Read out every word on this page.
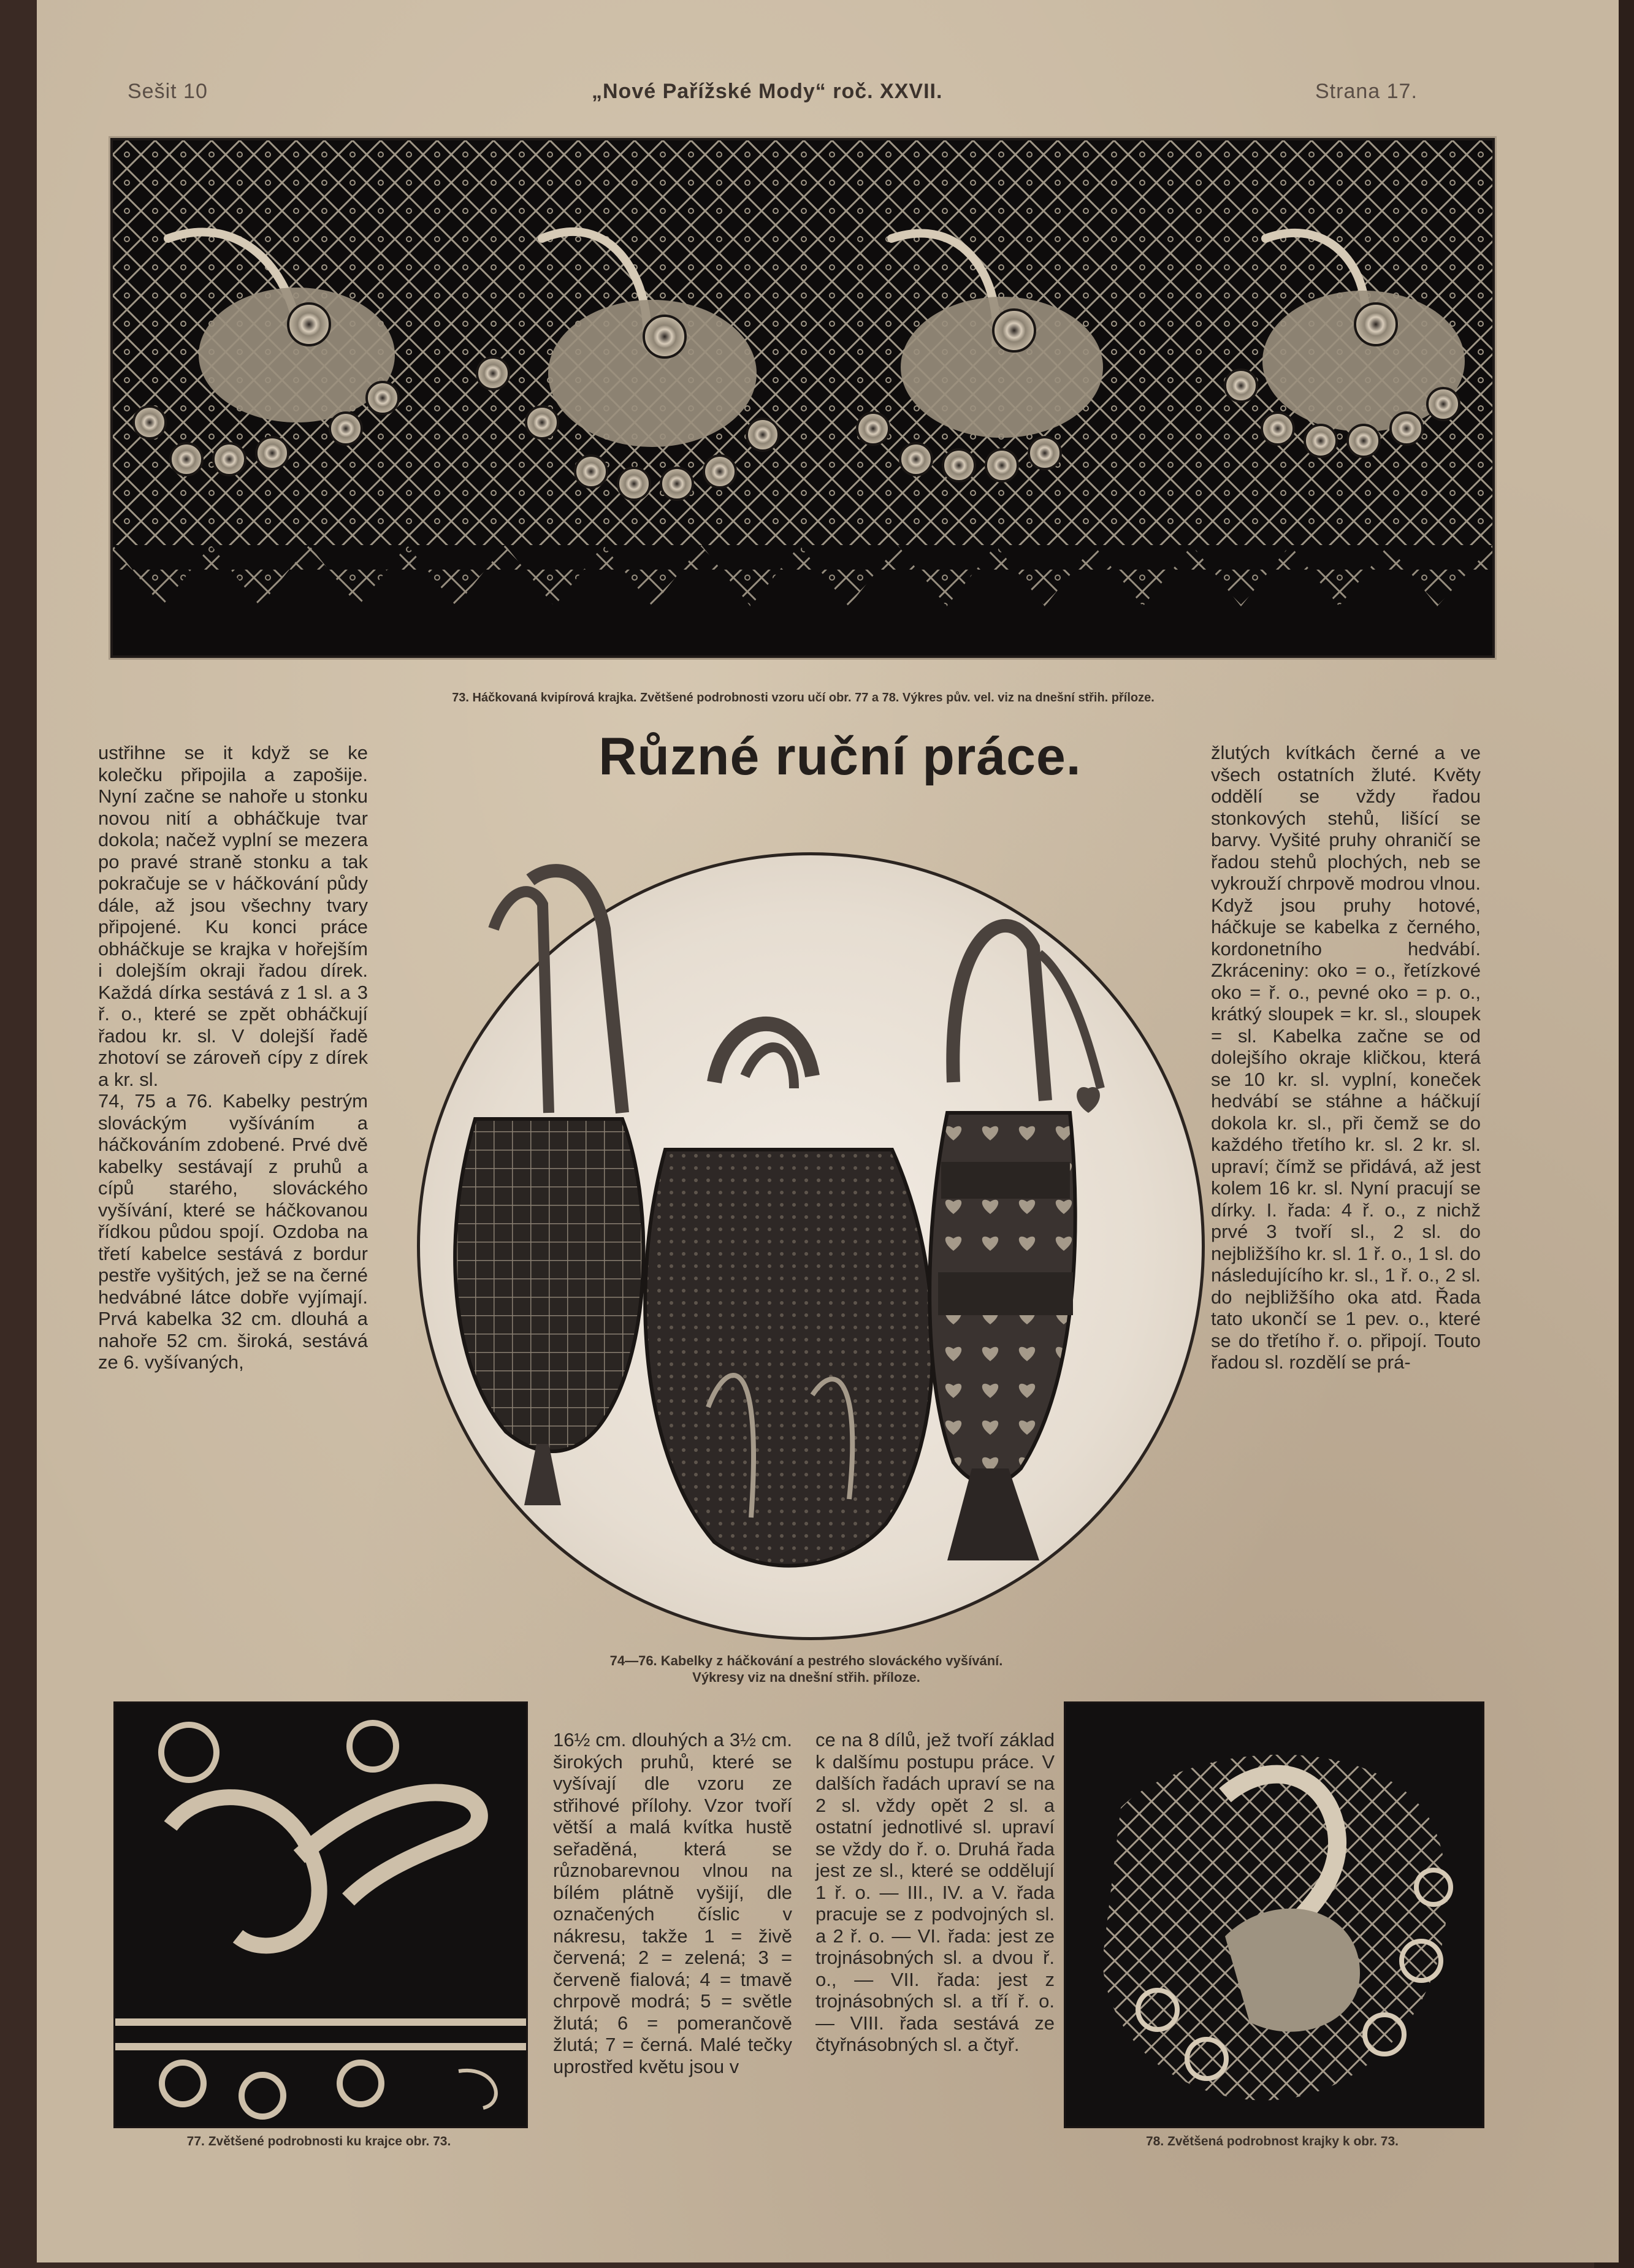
Sešit 10	„Nové Pařížské Mody“ roč. XXVII.	Strana 17.
73. Háčkovaná kvipírová krajka. Zvětšené podrobnosti vzoru učí obr. 77 a 78. Výkres pův. vel. viz na dnešní střih. příloze.
Různé ruční práce.

ustřihne se it když se ke kolečku připojila a zapošije. Nyní začne se nahoře u stonku novou nití a obháčkuje tvar dokola; načež vyplní se mezera po pravé straně stonku a tak pokračuje se v háčkování půdy dále, až jsou všechny tvary připojené. Ku konci práce obháčkuje se krajka v hořejším i dolejším okraji řadou dírek. Každá dírka sestává z 1 sl. a 3 ř. o., které se zpět obháčkují řadou kr. sl. V dolejší řadě zhotoví se zároveň cípy z dírek a kr. sl.

74, 75 a 76. Kabelky pestrým slováckým vyšíváním a háčkováním zdobené. Prvé dvě kabelky sestávají z pruhů a cípů starého, slováckého vyšívání, které se háčkovanou řídkou půdou spojí. Ozdoba na třetí kabelce sestává z bordur pestře vyšitých, jež se na černé hedvábné látce dobře vyjímají. Prvá kabelka 32 cm. dlouhá a nahoře 52 cm. široká, sestává ze 6. vyšívaných,

žlutých kvítkách černé a ve všech ostatních žluté. Květy oddělí se vždy řadou stonkových stehů, lišící se barvy. Vyšité pruhy ohraničí se řadou stehů plochých, neb se vykrouží chrpově modrou vlnou. Když jsou pruhy hotové, háčkuje se kabelka z černého, kordonetního hedvábí. Zkráceniny: oko = o., řetízkové oko = ř. o., pevné oko = p. o., krátký sloupek = kr. sl., sloupek = sl. Kabelka začne se od dolejšího okraje kličkou, která se 10 kr. sl. vyplní, koneček hedvábí se stáhne a háčkují dokola kr. sl., při čemž se do každého třetího kr. sl. 2 kr. sl. upraví; čímž se přidává, až jest kolem 16 kr. sl. Nyní pracují se dírky. I. řada: 4 ř. o., z nichž prvé 3 tvoří sl., 2 sl. do nejbližšího kr. sl. 1 ř. o., 1 sl. do následujícího kr. sl., 1 ř. o., 2 sl. do nejbližšího oka atd. Řada tato ukončí se 1 pev. o., které se do třetího ř. o. připojí. Touto řadou sl. rozdělí se prá-
74—76. Kabelky z háčkování a pestrého slováckého vyšívání.
Výkresy viz na dnešní střih. příloze.
77. Zvětšené podrobnosti ku krajce obr. 73.
16½ cm. dlouhých a 3½ cm. širokých pruhů, které se vyšívají dle vzoru ze střihové přílohy. Vzor tvoří větší a malá kvítka hustě seřaděná, která se různobarevnou vlnou na bílém plátně vyšijí, dle označených číslic v nákresu, takže 1 = živě červená; 2 = zelená; 3 = červeně fialová; 4 = tmavě chrpově modrá; 5 = světle žlutá; 6 = pomerančově žlutá; 7 = černá. Malé tečky uprostřed květu jsou v
ce na 8 dílů, jež tvoří základ k dalšímu postupu práce. V dalších řadách upraví se na 2 sl. vždy opět 2 sl. a ostatní jednotlivé sl. upraví se vždy do ř. o. Druhá řada jest ze sl., které se oddělují 1 ř. o. — III., IV. a V. řada pracuje se z podvojných sl. a 2 ř. o. — VI. řada: jest ze trojnásobných sl. a dvou ř. o., — VII. řada: jest z trojnásobných sl. a tří ř. o. — VIII. řada sestává ze čtyřnásobných sl. a čtyř.
78. Zvětšená podrobnost krajky k obr. 73.
